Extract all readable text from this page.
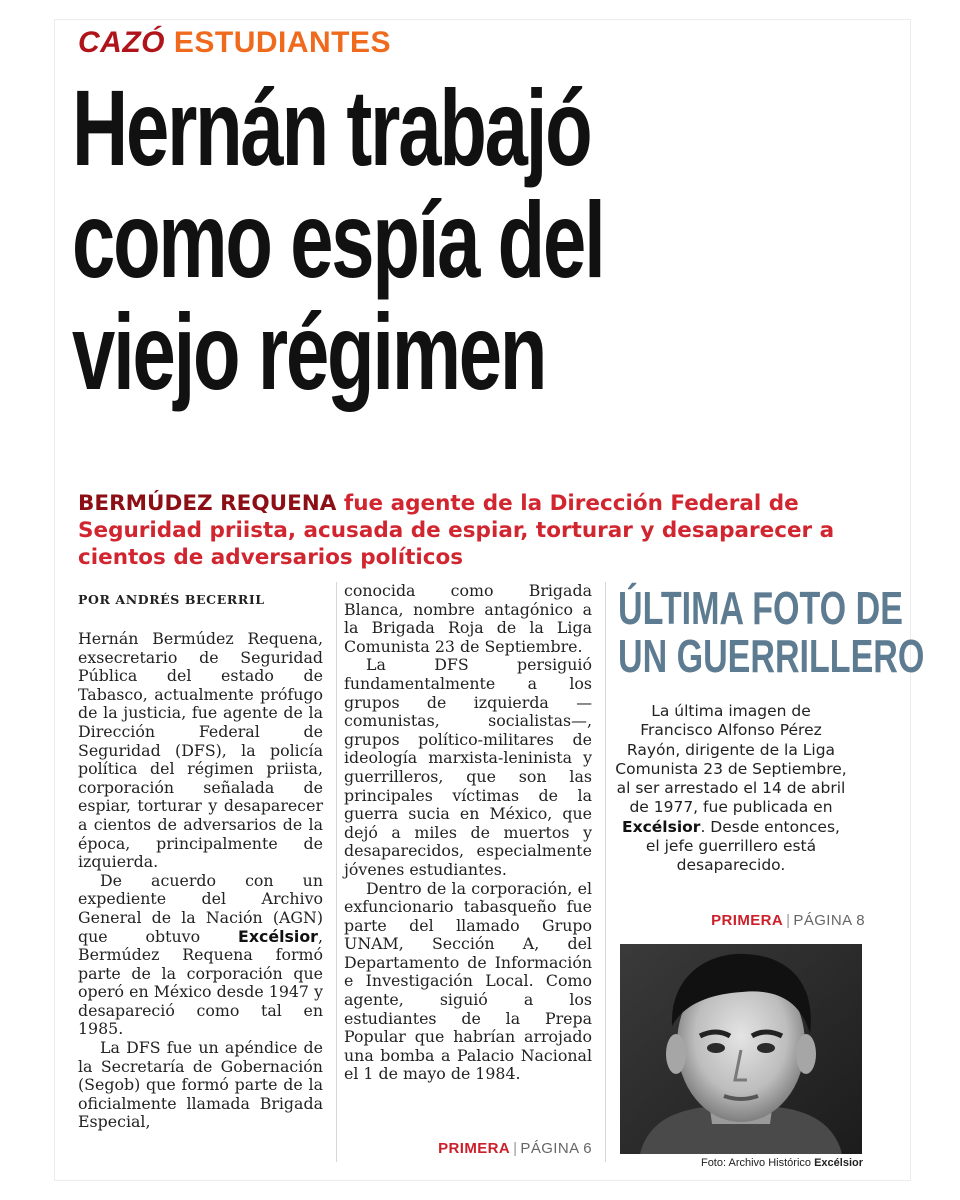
CAZÓ ESTUDIANTES
Hernán trabajó
como espía del
viejo régimen
BERMÚDEZ REQUENA fue agente de la Dirección Federal de Seguridad priista, acusada de espiar, torturar y desaparecer a cientos de adversarios políticos
POR ANDRÉS BECERRIL

Hernán Bermúdez Requena, exsecretario de Seguridad Pública del estado de Tabasco, actualmente prófugo de la justicia, fue agente de la Dirección Federal de Seguridad (DFS), la policía política del régimen priista, corporación señalada de espiar, torturar y desaparecer a cientos de adversarios de la época, principalmente de izquierda.

De acuerdo con un expediente del Archivo General de la Nación (AGN) que obtuvo Excélsior, Bermúdez Requena formó parte de la corporación que operó en México desde 1947 y desapareció como tal en 1985.

La DFS fue un apéndice de la Secretaría de Gobernación (Segob) que formó parte de la oficialmente llamada Brigada Especial,

conocida como Brigada Blanca, nombre antagónico a la Brigada Roja de la Liga Comunista 23 de Septiembre.

La DFS persiguió fundamentalmente a los grupos de izquierda —comunistas, socialistas—, grupos político-militares de ideología marxista-leninista y guerrilleros, que son las principales víctimas de la guerra sucia en México, que dejó a miles de muertos y desaparecidos, especialmente jóvenes estudiantes.

Dentro de la corporación, el exfuncionario tabasqueño fue parte del llamado Grupo UNAM, Sección A, del Departamento de Información e Investigación Local. Como agente, siguió a los estudiantes de la Prepa Popular que habrían arrojado una bomba a Palacio Nacional el 1 de mayo de 1984.

PRIMERA | PÁGINA 6
ÚLTIMA FOTO DE
UN GUERRILLERO
La última imagen de Francisco Alfonso Pérez Rayón, dirigente de la Liga Comunista 23 de Septiembre, al ser arrestado el 14 de abril de 1977, fue publicada en Excélsior. Desde entonces, el jefe guerrillero está desaparecido.
PRIMERA | PÁGINA 8
Foto: Archivo Histórico Excélsior
